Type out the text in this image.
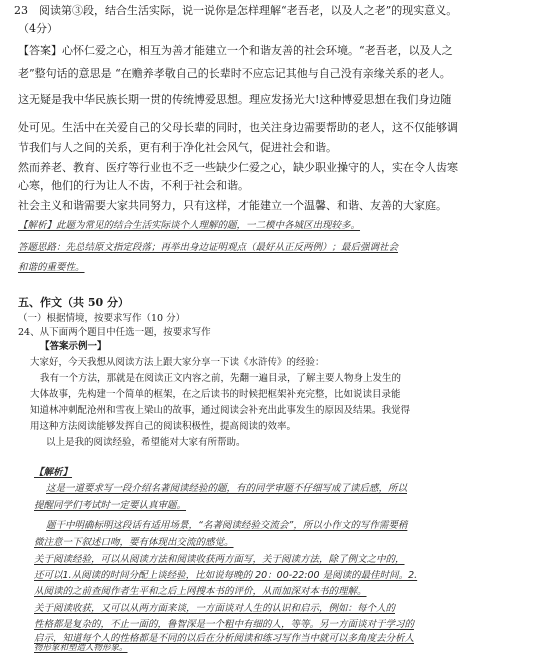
23　阅读第③段，结合生活实际，说一说你是怎样理解“老吾老，以及人之老”的现实意义。
（4分）
【答案】心怀仁爱之心，相互为善才能建立一个和谐友善的社会环境。“老吾老，以及人之
老”整句话的意思是 “在赡养孝敬自己的长辈时不应忘记其他与自己没有亲缘关系的老人。
这无疑是我中华民族长期一贯的传统博爱思想。理应发扬光大!这种博爱思想在我们身边随
处可见。生活中在关爱自己的父母长辈的同时，也关注身边需要帮助的老人，这不仅能够调
节我们与人之间的关系，更有利于净化社会风气，促进社会和谐。
然而养老、教育、医疗等行业也不乏一些缺少仁爱之心，缺少职业操守的人，实在令人齿寒
心寒，他们的行为让人不齿，不利于社会和谐。
社会主义和谐需要大家共同努力，只有这样，才能建立一个温馨、和谐、友善的大家庭。
【解析】此题为常见的结合生活实际谈个人理解的题，一二模中各城区出现较多。
答题思路：先总结原文指定段落；再举出身边证明观点（最好从正反两例）；最后强调社会
和谐的重要性。
五、作文（共 50 分）
（一）根据情境，按要求写作（10 分）
24、从下面两个题目中任选一题，按要求写作
【答案示例一】
大家好，今天我想从阅读方法上跟大家分享一下读《水浒传》的经验：
我有一个方法，那就是在阅读正文内容之前，先翻一遍目录，了解主要人物身上发生的
大体故事，先构建一个简单的框架，在之后读书的时候把框架补充完整，比如说读目录能
知道林冲刺配沧州和雪夜上梁山的故事，通过阅读会补充出此事发生的原因及结果。我觉得
用这种方法阅读能够发挥自己的阅读积极性，提高阅读的效率。
以上是我的阅读经验，希望能对大家有所帮助。
【解析】
这是一道要求写一段介绍名著阅读经验的题，有的同学审题不仔细写成了读后感，所以
提醒同学们考试时一定要认真审题。
题干中明确标明这段话有适用场景，“名著阅读经验交流会”，所以小作文的写作需要稍
微注意一下叙述口吻，要有体现出交流的感觉。
关于阅读经验，可以从阅读方法和阅读收获两方面写，关于阅读方法，除了例文之中的，
还可以1.从阅读的时间分配上谈经验，比如说每晚的 20：00-22:00 是阅读的最佳时间。2.
从阅读的之前查阅作者生平和之后上网搜本书的评价，从而加深对本书的理解。
关于阅读收获，又可以从两方面来谈，一方面谈对人生的认识和启示，例如：每个人的
性格都是复杂的，不止一面的，鲁智深是一个粗中有细的人，等等。另一方面谈对于学习的
启示，知道每个人的性格都是不同的以后在分析阅读和练习写作当中就可以多角度去分析人
物形象和塑造人物形象。
